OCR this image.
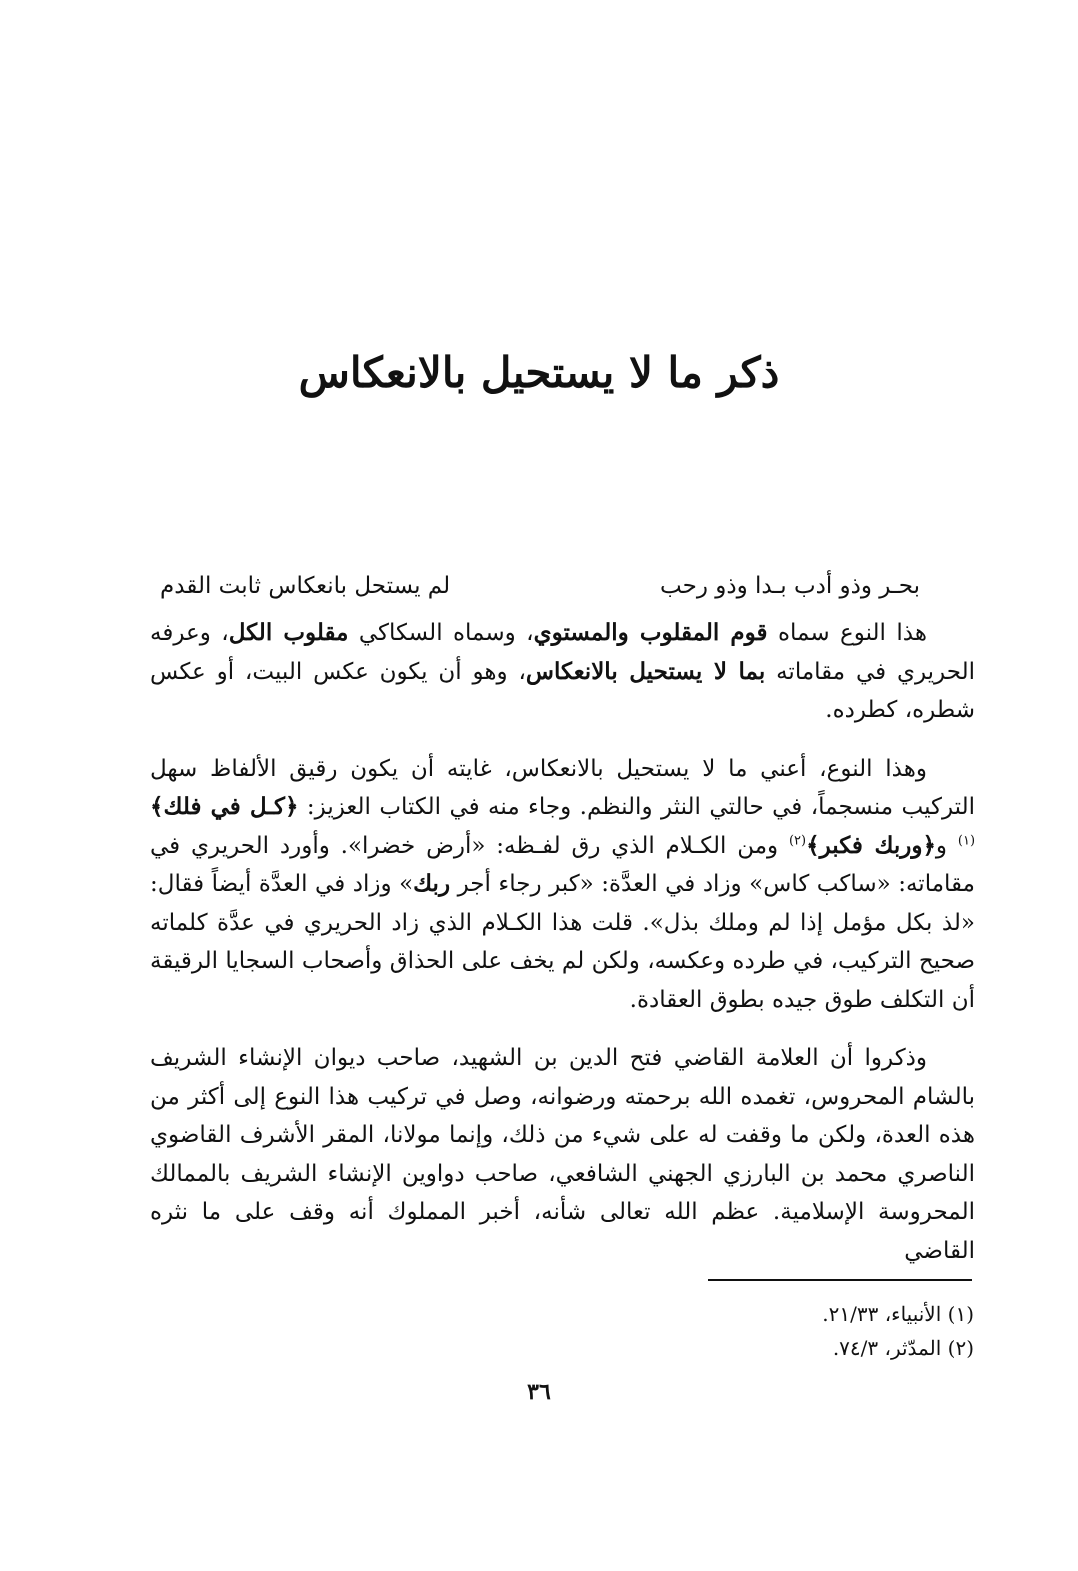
ذكر ما لا يستحيل بالانعكاس
بحـر وذو أدب بـدا وذو رحب
لم يستحل بانعكاس ثابت القدم

هذا النوع سماه قوم المقلوب والمستوي، وسماه السكاكي مقلوب الكل، وعرفه الحريري في مقاماته بما لا يستحيل بالانعكاس، وهو أن يكون عكس البيت، أو عكس شطره، كطرده.

وهذا النوع، أعني ما لا يستحيل بالانعكاس، غايته أن يكون رقيق الألفاظ سهل التركيب منسجماً، في حالتي النثر والنظم. وجاء منه في الكتاب العزيز: ﴿كـل في فلك﴾$^{(١)}$ و﴿وربك فكبر﴾$^{(٢)}$ ومن الكـلام الذي رق لفـظه: «أرض خضرا». وأورد الحريري في مقاماته: «ساكب كاس» وزاد في العدَّة: «كبر رجاء أجر ربك» وزاد في العدَّة أيضاً فقال: «لذ بكل مؤمل إذا لم وملك بذل». قلت هذا الكـلام الذي زاد الحريري في عدَّة كلماته صحيح التركيب، في طرده وعكسه، ولكن لم يخف على الحذاق وأصحاب السجايا الرقيقة أن التكلف طوق جيده بطوق العقادة.

وذكروا أن العلامة القاضي فتح الدين بن الشهيد، صاحب ديوان الإنشاء الشريف بالشام المحروس، تغمده الله برحمته ورضوانه، وصل في تركيب هذا النوع إلى أكثر من هذه العدة، ولكن ما وقفت له على شيء من ذلك، وإنما مولانا، المقر الأشرف القاضوي الناصري محمد بن البارزي الجهني الشافعي، صاحب دواوين الإنشاء الشريف بالممالك المحروسة الإسلامية. عظم الله تعالى شأنه، أخبر المملوك أنه وقف على ما نثره القاضي

(١) الأنبياء، ٢١/٣٣.
(٢) المدّثر، ٧٤/٣.
٣٦
